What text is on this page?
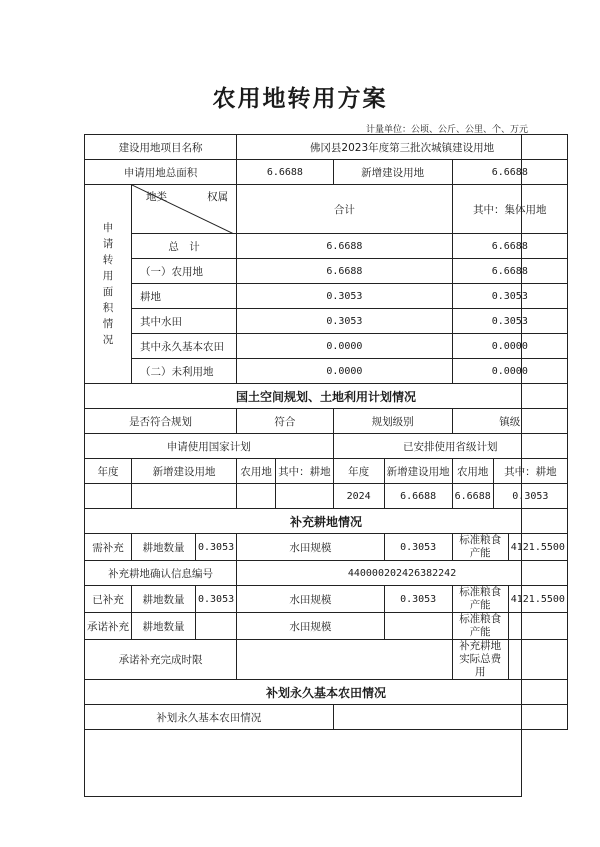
农用地转用方案
计量单位：公顷、公斤、公里、个、万元
建设用地项目名称			佛冈县2023年度第三批次城镇建设用地						
申请用地总面积			6.6688		新增建设用地		6.6688		
申请转用面积情况	地类 权属		合计				其中：集体用地		
	总　计		6.6688				6.6688		
	（一）农用地		6.6688				6.6688		
	耕地		0.3053				0.3053		
	其中水田		0.3053				0.3053		
	其中永久基本农田		0.0000				0.0000		
	（二）未利用地		0.0000				0.0000		
国土空间规划、土地利用计划情况									
是否符合规划			符合		规划级别		镇级		
申请使用国家计划					已安排使用省级计划				
年度	新增建设用地		农用地	其中：耕地	年度	新增建设用地	农用地	其中：耕地	
					2024	6.6688	6.6688	0.3053	
补充耕地情况									
需补充	耕地数量	0.3053	水田规模			0.3053	标准粮食产能		4121.5500
补充耕地确认信息编号			440000202426382242						
已补充	耕地数量	0.3053	水田规模			0.3053	标准粮食产能		4121.5500
承诺补充	耕地数量		水田规模				标准粮食产能		
承诺补充完成时限							补充耕地实际总费用		
补划永久基本农田情况									
补划永久基本农田情况									
